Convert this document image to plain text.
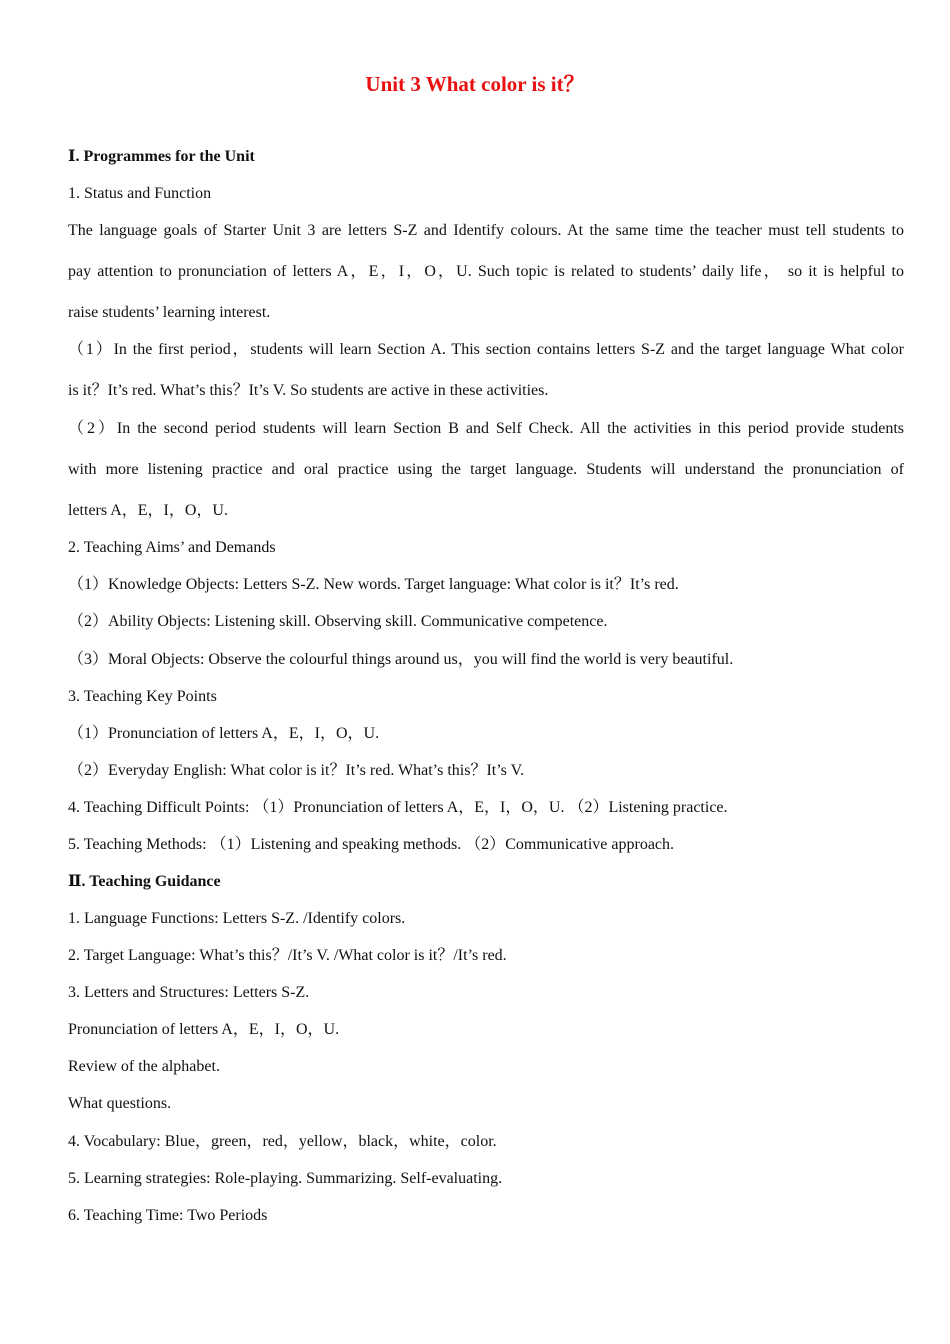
Unit 3 What color is it？
Ⅰ. Programmes for the Unit
1. Status and Function
The language goals of Starter Unit 3 are letters S-Z and Identify colours. At the same time the teacher must tell students to
pay attention to pronunciation of letters A，E，I，O，U. Such topic is related to students’ daily life， so it is helpful to
raise students’ learning interest.
（1）In the first period，students will learn Section A. This section contains letters S-Z and the target language What color
is it？It’s red. What’s this？It’s V. So students are active in these activities.
（2）In the second period students will learn Section B and Self Check. All the activities in this period provide students
with more listening practice and oral practice using the target language. Students will understand the pronunciation of
letters A，E，I，O，U.
2. Teaching Aims’ and Demands
（1）Knowledge Objects: Letters S-Z. New words. Target language: What color is it？It’s red.
（2）Ability Objects: Listening skill. Observing skill. Communicative competence.
（3）Moral Objects: Observe the colourful things around us，you will find the world is very beautiful.
3. Teaching Key Points
（1）Pronunciation of letters A，E，I，O，U.
（2）Everyday English: What color is it？It’s red. What’s this？It’s V.
4. Teaching Difficult Points: （1）Pronunciation of letters A，E，I，O，U. （2）Listening practice.
5. Teaching Methods: （1）Listening and speaking methods. （2）Communicative approach.
Ⅱ. Teaching Guidance
1. Language Functions: Letters S-Z. /Identify colors.
2. Target Language: What’s this？/It’s V. /What color is it？/It’s red.
3. Letters and Structures: Letters S-Z.
Pronunciation of letters A，E，I，O，U.
Review of the alphabet.
What questions.
4. Vocabulary: Blue，green，red，yellow，black，white，color.
5. Learning strategies: Role-playing. Summarizing. Self-evaluating.
6. Teaching Time: Two Periods
